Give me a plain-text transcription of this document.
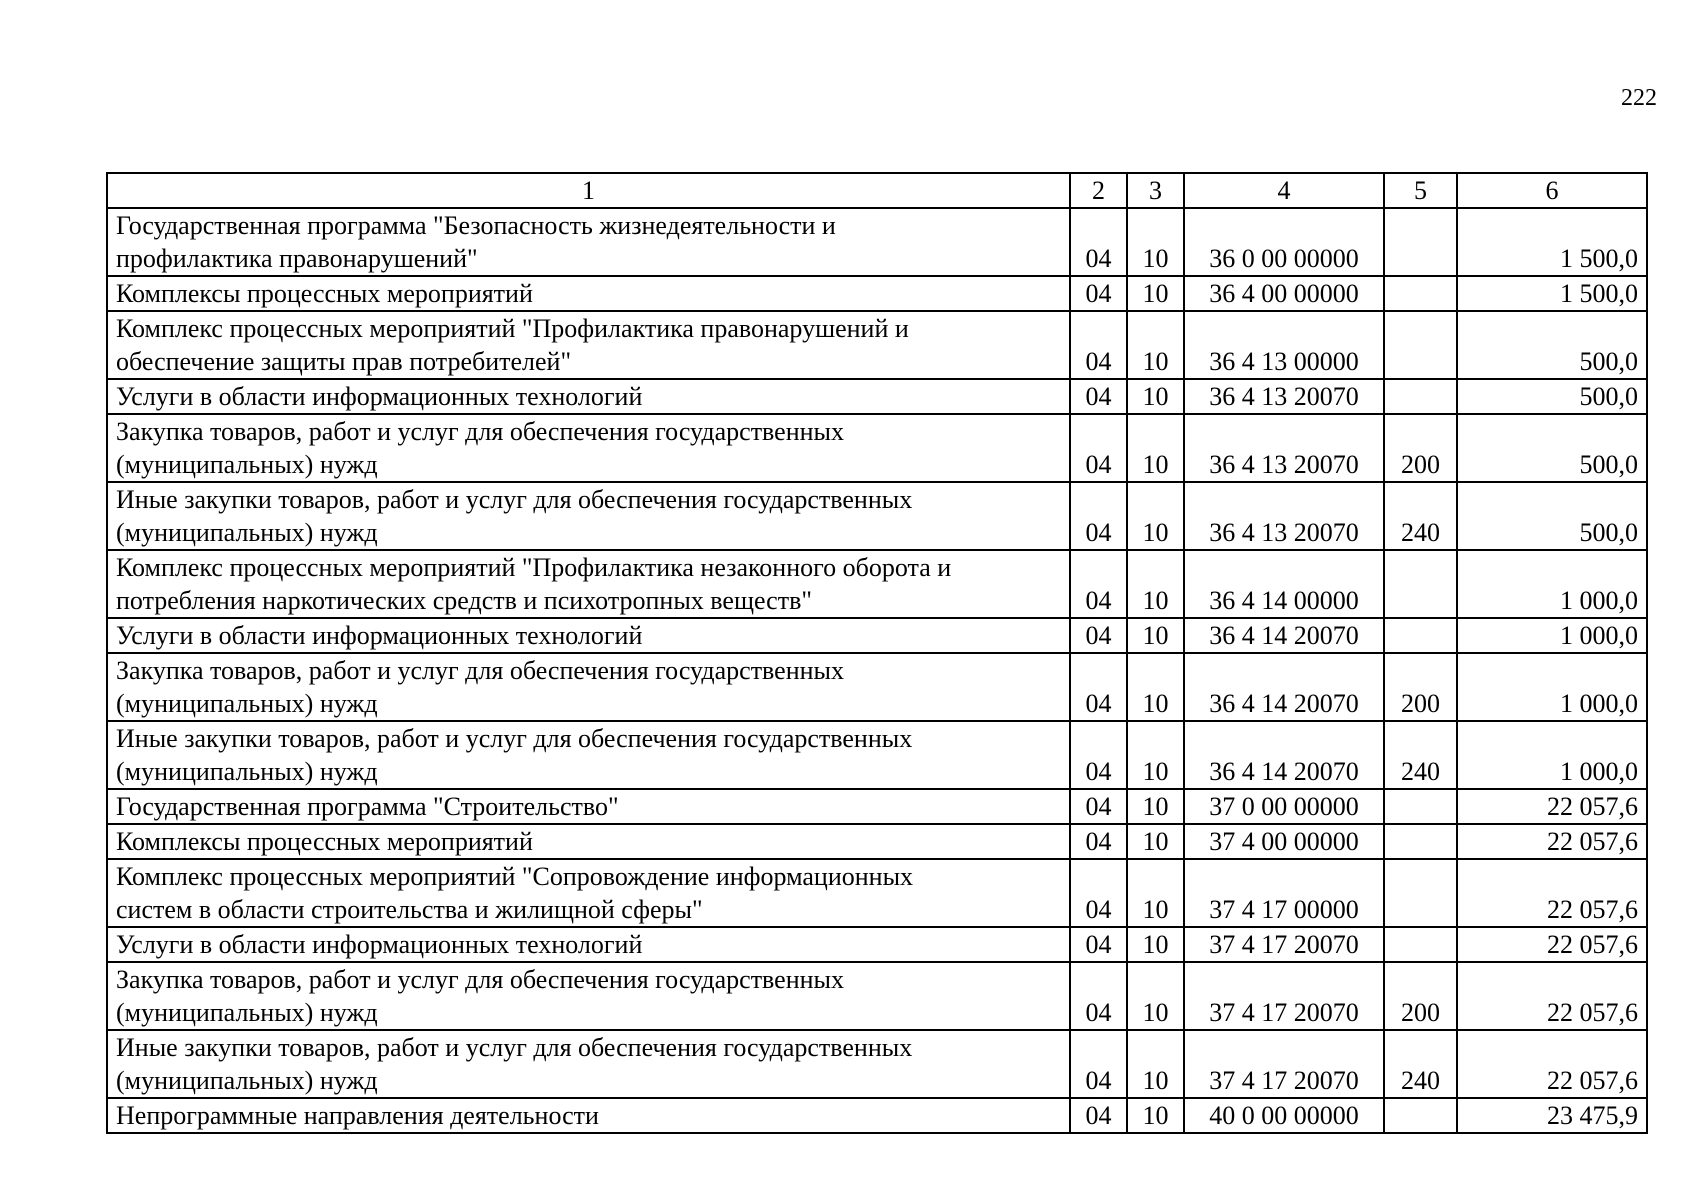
222
1	2	3	4	5	6

Государственная программа "Безопасность жизнедеятельности и
профилактика правонарушений"	04	10	36 0 00 00000		1 500,0

Комплексы процессных мероприятий	04	10	36 4 00 00000		1 500,0

Комплекс процессных мероприятий "Профилактика правонарушений и
обеспечение защиты прав потребителей"	04	10	36 4 13 00000		500,0

Услуги в области информационных технологий	04	10	36 4 13 20070		500,0

Закупка товаров, работ и услуг для обеспечения государственных
(муниципальных) нужд	04	10	36 4 13 20070	200	500,0

Иные закупки товаров, работ и услуг для обеспечения государственных
(муниципальных) нужд	04	10	36 4 13 20070	240	500,0

Комплекс процессных мероприятий "Профилактика незаконного оборота и
потребления наркотических средств и психотропных веществ"	04	10	36 4 14 00000		1 000,0

Услуги в области информационных технологий	04	10	36 4 14 20070		1 000,0

Закупка товаров, работ и услуг для обеспечения государственных
(муниципальных) нужд	04	10	36 4 14 20070	200	1 000,0

Иные закупки товаров, работ и услуг для обеспечения государственных
(муниципальных) нужд	04	10	36 4 14 20070	240	1 000,0

Государственная программа "Строительство"	04	10	37 0 00 00000		22 057,6

Комплексы процессных мероприятий	04	10	37 4 00 00000		22 057,6

Комплекс процессных мероприятий "Сопровождение информационных
систем в области строительства и жилищной сферы"	04	10	37 4 17 00000		22 057,6

Услуги в области информационных технологий	04	10	37 4 17 20070		22 057,6

Закупка товаров, работ и услуг для обеспечения государственных
(муниципальных) нужд	04	10	37 4 17 20070	200	22 057,6

Иные закупки товаров, работ и услуг для обеспечения государственных
(муниципальных) нужд	04	10	37 4 17 20070	240	22 057,6

Непрограммные направления деятельности	04	10	40 0 00 00000		23 475,9
